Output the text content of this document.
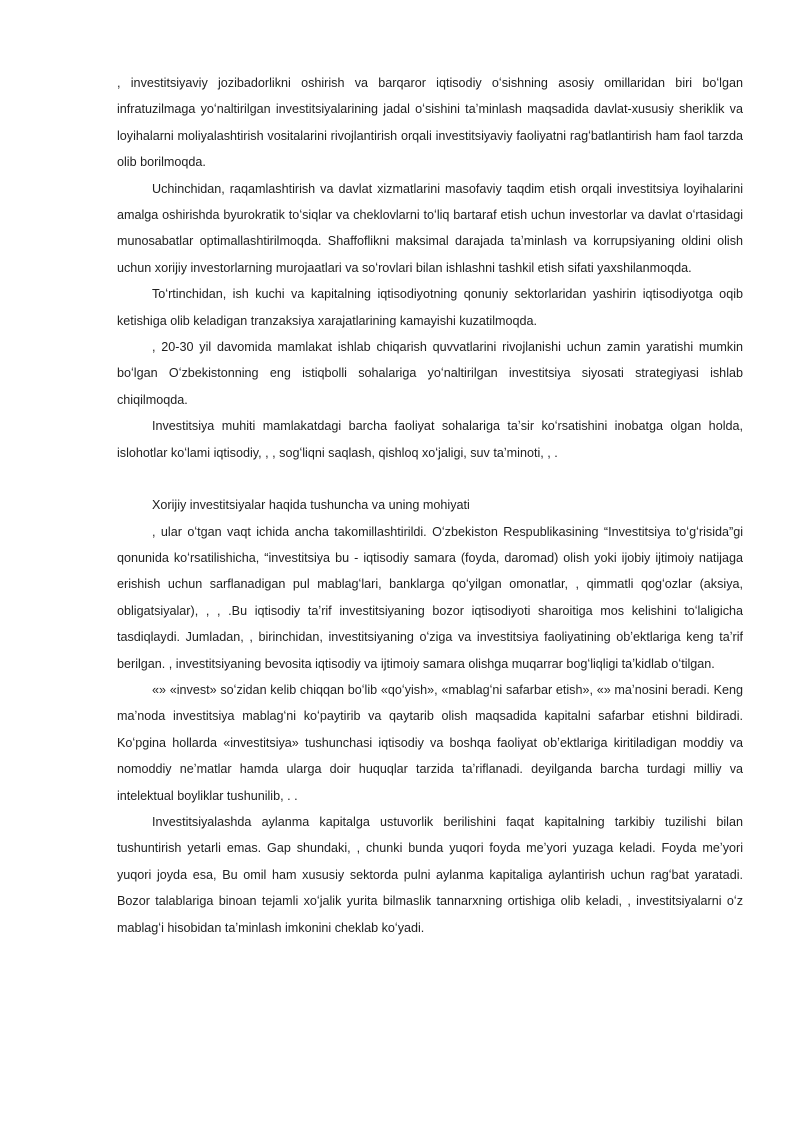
, investitsiyaviy jozibadorlikni oshirish va barqaror iqtisodiy oʻsishning asosiy omillaridan biri boʻlgan infratuzilmaga yoʻnaltirilgan investitsiyalarining jadal oʻsishini taʼminlash maqsadida davlat-xususiy sheriklik va loyihalarni moliyalashtirish vositalarini rivojlantirish orqali investitsiyaviy faoliyatni ragʻbatlantirish ham faol tarzda olib borilmoqda.

Uchinchidan, raqamlashtirish va davlat xizmatlarini masofaviy taqdim etish orqali investitsiya loyihalarini amalga oshirishda byurokratik toʻsiqlar va cheklovlarni toʻliq bartaraf etish uchun investorlar va davlat oʻrtasidagi munosabatlar optimallashtirilmoqda. Shaffoflikni maksimal darajada taʼminlash va korrupsiyaning oldini olish uchun xorijiy investorlarning murojaatlari va soʻrovlari bilan ishlashni tashkil etish sifati yaxshilanmoqda.

Toʻrtinchidan, ish kuchi va kapitalning iqtisodiyotning qonuniy sektorlaridan yashirin iqtisodiyotga oqib ketishiga olib keladigan tranzaksiya xarajatlarining kamayishi kuzatilmoqda.

, 20-30 yil davomida mamlakat ishlab chiqarish quvvatlarini rivojlanishi uchun zamin yaratishi mumkin boʻlgan Oʻzbekistonning eng istiqbolli sohalariga yoʻnaltirilgan investitsiya siyosati strategiyasi ishlab chiqilmoqda.

Investitsiya muhiti mamlakatdagi barcha faoliyat sohalariga taʼsir koʻrsatishini inobatga olgan holda, islohotlar koʻlami iqtisodiy, , , sogʻliqni saqlash, qishloq xoʻjaligi, suv taʼminoti, , .

Xorijiy investitsiyalar haqida tushuncha va uning mohiyati

, ular oʻtgan vaqt ichida ancha takomillashtirildi. Oʻzbekiston Respublikasining “Investitsiya toʻgʻrisida”gi qonunida koʻrsatilishicha, “investitsiya bu - iqtisodiy samara (foyda, daromad) olish yoki ijobiy ijtimoiy natijaga erishish uchun sarflanadigan pul mablagʻlari, banklarga qoʻyilgan omonatlar, , qimmatli qogʻozlar (aksiya, obligatsiyalar), , , .Bu iqtisodiy taʼrif investitsiyaning bozor iqtisodiyoti sharoitiga mos kelishini toʻlaligicha tasdiqlaydi. Jumladan, , birinchidan, investitsiyaning oʻziga va investitsiya faoliyatining obʼektlariga keng taʼrif berilgan. , investitsiyaning bevosita iqtisodiy va ijtimoiy samara olishga muqarrar bogʻliqligi taʼkidlab oʻtilgan.

«» «invest» soʻzidan kelib chiqqan boʻlib «qoʻyish», «mablagʻni safarbar etish», «» maʼnosini beradi. Keng maʼnoda investitsiya mablagʻni koʻpaytirib va qaytarib olish maqsadida kapitalni safarbar etishni bildiradi. Koʻpgina hollarda «investitsiya» tushunchasi iqtisodiy va boshqa faoliyat obʼektlariga kiritiladigan moddiy va nomoddiy neʼmatlar hamda ularga doir huquqlar tarzida taʼriflanadi. deyilganda barcha turdagi milliy va intelektual boyliklar tushunilib, . .

Investitsiyalashda aylanma kapitalga ustuvorlik berilishini faqat kapitalning tarkibiy tuzilishi bilan tushuntirish yetarli emas. Gap shundaki, , chunki bunda yuqori foyda meʼyori yuzaga keladi. Foyda meʼyori yuqori joyda esa, Bu omil ham xususiy sektorda pulni aylanma kapitaliga aylantirish uchun ragʻbat yaratadi. Bozor talablariga binoan tejamli xoʻjalik yurita bilmaslik tannarxning ortishiga olib keladi, , investitsiyalarni oʻz mablagʻi hisobidan taʼminlash imkonini cheklab koʻyadi.
